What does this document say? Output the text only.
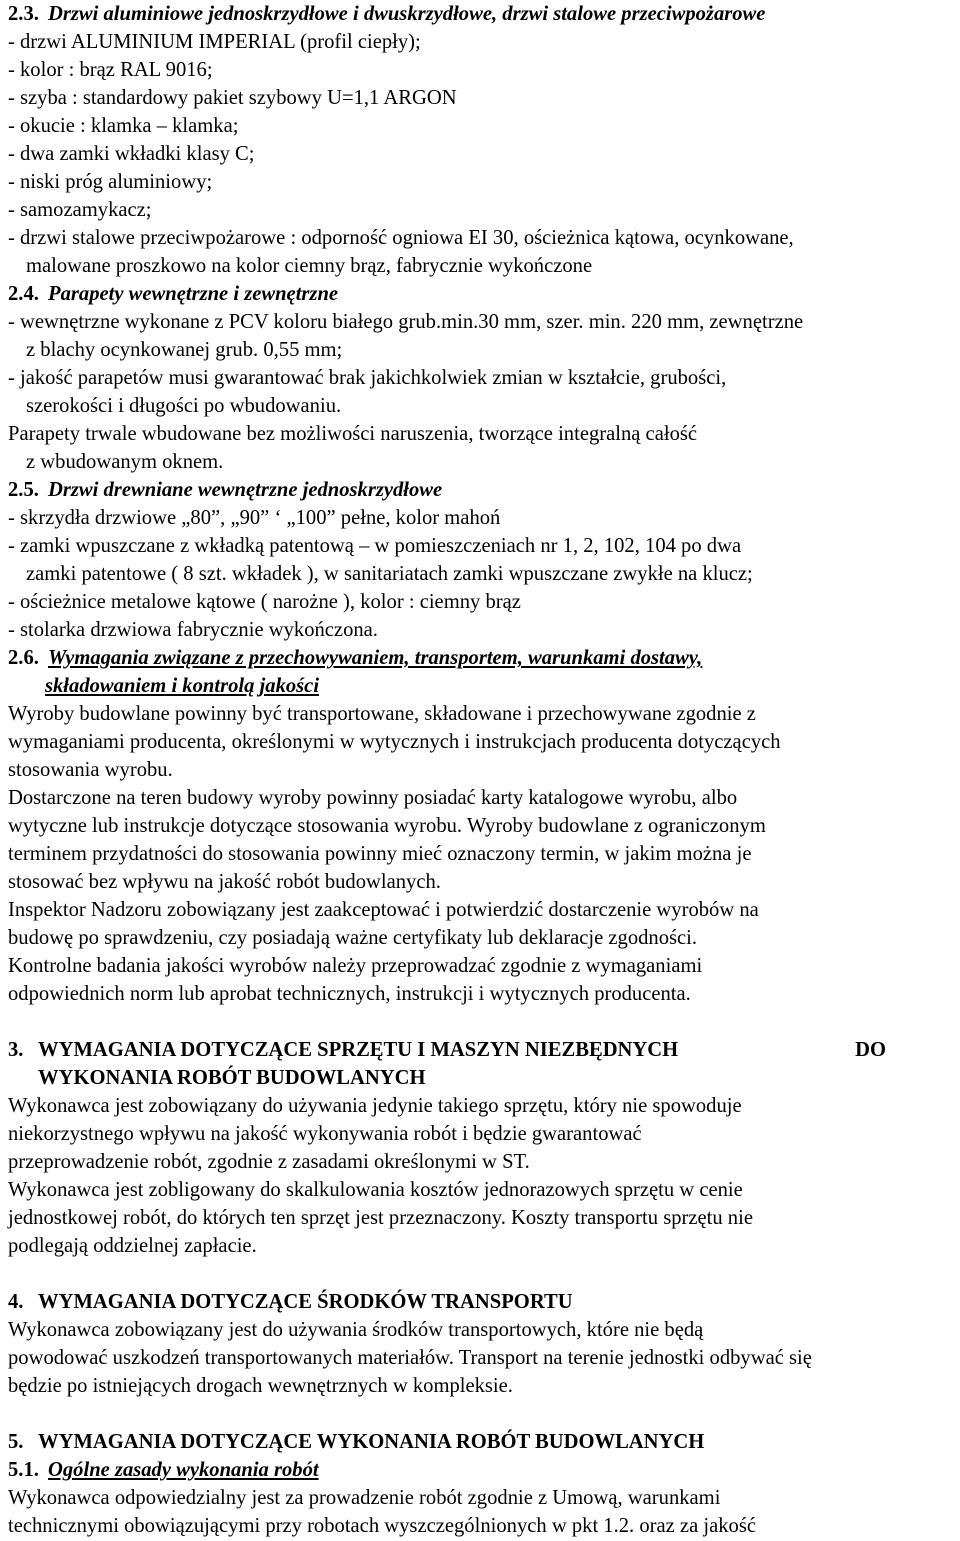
2.3. Drzwi aluminiowe jednoskrzydłowe i dwuskrzydłowe, drzwi stalowe przeciwpożarowe
- drzwi ALUMINIUM IMPERIAL (profil ciepły);
- kolor : brąz RAL 9016;
- szyba : standardowy pakiet szybowy U=1,1 ARGON
- okucie : klamka – klamka;
- dwa zamki wkładki klasy C;
- niski próg aluminiowy;
- samozamykacz;
- drzwi stalowe przeciwpożarowe : odporność ogniowa EI 30, ościeżnica kątowa, ocynkowane,
malowane proszkowo na kolor ciemny brąz, fabrycznie wykończone
2.4. Parapety wewnętrzne i zewnętrzne
- wewnętrzne wykonane z PCV koloru białego grub.min.30 mm, szer. min. 220 mm, zewnętrzne
z blachy ocynkowanej grub. 0,55 mm;
- jakość parapetów musi gwarantować brak jakichkolwiek zmian w kształcie, grubości,
szerokości i długości po wbudowaniu.
Parapety trwale wbudowane bez możliwości naruszenia, tworzące integralną całość
z wbudowanym oknem.
2.5. Drzwi drewniane wewnętrzne jednoskrzydłowe
- skrzydła drzwiowe „80”, „90” ‘ „100” pełne, kolor mahoń
- zamki wpuszczane z wkładką patentową – w pomieszczeniach nr 1, 2, 102, 104 po dwa
zamki patentowe ( 8 szt. wkładek ), w sanitariatach zamki wpuszczane zwykłe na klucz;
- ościeżnice metalowe kątowe ( narożne ), kolor : ciemny brąz
- stolarka drzwiowa fabrycznie wykończona.
2.6. Wymagania związane z przechowywaniem, transportem, warunkami dostawy,
składowaniem i kontrolą jakości
Wyroby budowlane powinny być transportowane, składowane i przechowywane zgodnie z
wymaganiami producenta, określonymi w wytycznych i instrukcjach producenta dotyczących
stosowania wyrobu.
Dostarczone na teren budowy wyroby powinny posiadać karty katalogowe wyrobu, albo
wytyczne lub instrukcje dotyczące stosowania wyrobu. Wyroby budowlane z ograniczonym
terminem przydatności do stosowania powinny mieć oznaczony termin, w jakim można je
stosować bez wpływu na jakość robót budowlanych.
Inspektor Nadzoru zobowiązany jest zaakceptować i potwierdzić dostarczenie wyrobów na
budowę po sprawdzeniu, czy posiadają ważne certyfikaty lub deklaracje zgodności.
Kontrolne badania jakości wyrobów należy przeprowadzać zgodnie z wymaganiami
odpowiednich norm lub aprobat technicznych, instrukcji i wytycznych producenta.
3. WYMAGANIA DOTYCZĄCE SPRZĘTU I MASZYN NIEZBĘDNYCH	DO
WYKONANIA ROBÓT BUDOWLANYCH
Wykonawca jest zobowiązany do używania jedynie takiego sprzętu, który nie spowoduje
niekorzystnego wpływu na jakość wykonywania robót i będzie gwarantować
przeprowadzenie robót, zgodnie z zasadami określonymi w ST.
Wykonawca jest zobligowany do skalkulowania kosztów jednorazowych sprzętu w cenie
jednostkowej robót, do których ten sprzęt jest przeznaczony. Koszty transportu sprzętu nie
podlegają oddzielnej zapłacie.
4. WYMAGANIA DOTYCZĄCE ŚRODKÓW TRANSPORTU
Wykonawca zobowiązany jest do używania środków transportowych, które nie będą
powodować uszkodzeń transportowanych materiałów. Transport na terenie jednostki odbywać się
będzie po istniejących drogach wewnętrznych w kompleksie.
5. WYMAGANIA DOTYCZĄCE WYKONANIA ROBÓT BUDOWLANYCH
5.1. Ogólne zasady wykonania robót
Wykonawca odpowiedzialny jest za prowadzenie robót zgodnie z Umową, warunkami
technicznymi obowiązującymi przy robotach wyszczególnionych w pkt 1.2. oraz za jakość
